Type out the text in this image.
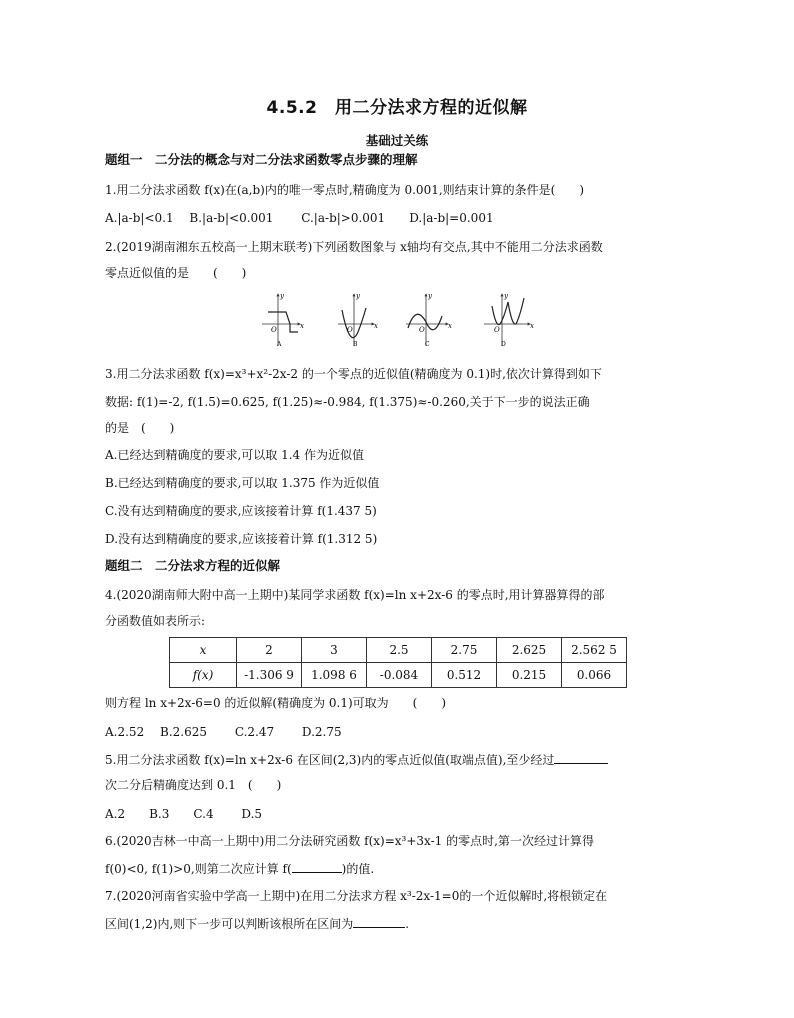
4.5.2　用二分法求方程的近似解
基础过关练
题组一　二分法的概念与对二分法求函数零点步骤的理解
1.用二分法求函数 f(x)在(a,b)内的唯一零点时,精确度为 0.001,则结束计算的条件是(　　)
A.|a-b|<0.1　 B.|a-b|<0.001　　 C.|a-b|>0.001　　D.|a-b|=0.001
2.(2019湖南湘东五校高一上期末联考)下列函数图象与 x轴均有交点,其中不能用二分法求函数
零点近似值的是　　(　　)
y
x
O
A
y
x
O
B
y
x
O
C
y
x
O
D
3.用二分法求函数 f(x)=x³+x²-2x-2 的一个零点的近似值(精确度为 0.1)时,依次计算得到如下
数据: f(1)=-2, f(1.5)=0.625, f(1.25)≈-0.984, f(1.375)≈-0.260,关于下一步的说法正确
的是　(　　)
A.已经达到精确度的要求,可以取 1.4 作为近似值
B.已经达到精确度的要求,可以取 1.375 作为近似值
C.没有达到精确度的要求,应该接着计算 f(1.437 5)
D.没有达到精确度的要求,应该接着计算 f(1.312 5)
题组二　二分法求方程的近似解
4.(2020湖南师大附中高一上期中)某同学求函数 f(x)=ln x+2x-6 的零点时,用计算器算得的部
分函数值如表所示:
x	2	3	2.5	2.75	2.625	2.562 5
f(x)	-1.306 9	1.098 6	-0.084	0.512	0.215	0.066
则方程 ln x+2x-6=0 的近似解(精确度为 0.1)可取为　　(　　)
A.2.52　 B.2.625　　 C.2.47　　 D.2.75
5.用二分法求函数 f(x)=ln x+2x-6 在区间(2,3)内的零点近似值(取端点值),至少经过
次二分后精确度达到 0.1　(　　)
A.2　　B.3　　C.4　　 D.5
6.(2020吉林一中高一上期中)用二分法研究函数 f(x)=x³+3x-1 的零点时,第一次经过计算得
f(0)<0, f(1)>0,则第二次应计算 f(	)的值.
7.(2020河南省实验中学高一上期中)在用二分法求方程 x³-2x-1=0的一个近似解时,将根锁定在
区间(1,2)内,则下一步可以判断该根所在区间为	.
